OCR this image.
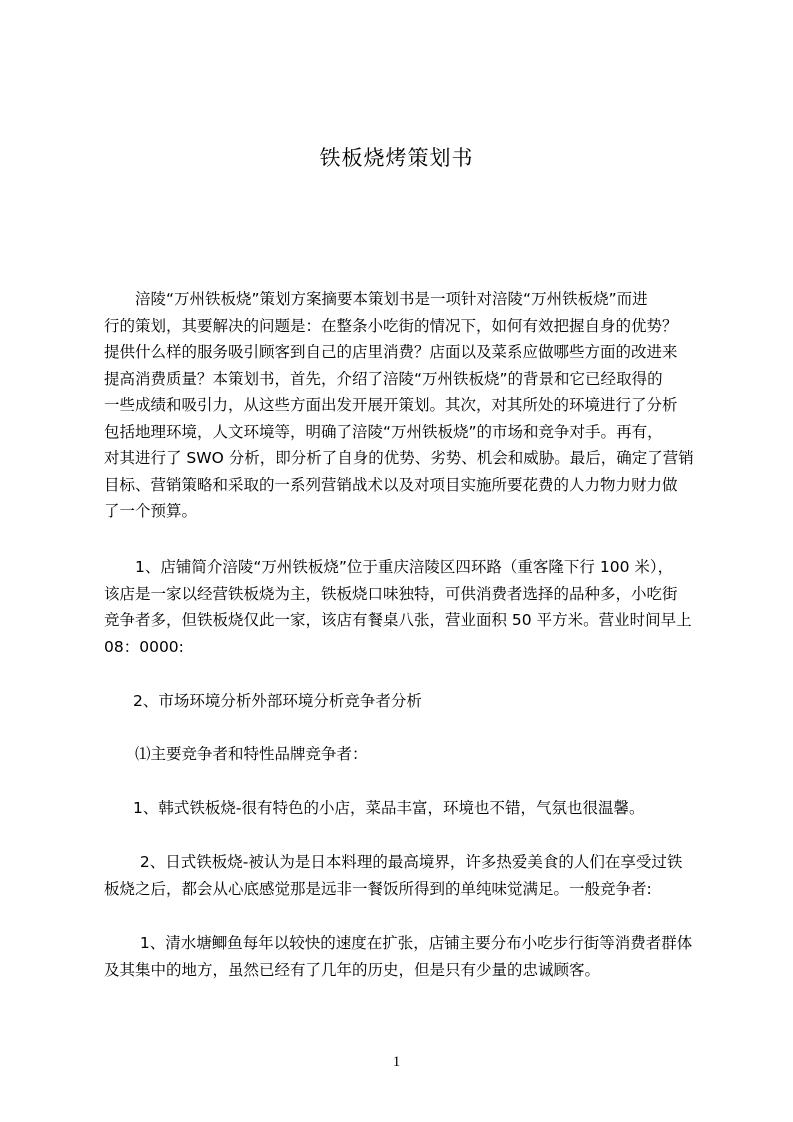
铁板烧烤策划书
　　涪陵“万州铁板烧”策划方案摘要本策划书是一项针对涪陵“万州铁板烧”而进
行的策划，其要解决的问题是：在整条小吃街的情况下，如何有效把握自身的优势？
提供什么样的服务吸引顾客到自己的店里消费？店面以及菜系应做哪些方面的改进来
提高消费质量？本策划书，首先，介绍了涪陵“万州铁板烧”的背景和它已经取得的
一些成绩和吸引力，从这些方面出发开展开策划。其次，对其所处的环境进行了分析
包括地理环境，人文环境等，明确了涪陵“万州铁板烧”的市场和竞争对手。再有，
对其进行了 SWO 分析，即分析了自身的优势、劣势、机会和威胁。最后，确定了营销
目标、营销策略和采取的一系列营销战术以及对项目实施所要花费的人力物力财力做
了一个预算。
　　1、店铺简介涪陵“万州铁板烧”位于重庆涪陵区四环路（重客隆下行 100 米），
该店是一家以经营铁板烧为主，铁板烧口味独特，可供消费者选择的品种多，小吃街
竞争者多，但铁板烧仅此一家，该店有餐桌八张，营业面积 50 平方米。营业时间早上
08：0000:
2、市场环境分析外部环境分析竞争者分析
⑴主要竞争者和特性品牌竞争者：
1、韩式铁板烧-很有特色的小店，菜品丰富，环境也不错，气氛也很温馨。
　　 2、日式铁板烧-被认为是日本料理的最高境界，许多热爱美食的人们在享受过铁
板烧之后，都会从心底感觉那是远非一餐饭所得到的单纯味觉满足。一般竞争者:
　　 1、清水塘鲫鱼每年以较快的速度在扩张，店铺主要分布小吃步行街等消费者群体
及其集中的地方，虽然已经有了几年的历史，但是只有少量的忠诚顾客。
1
